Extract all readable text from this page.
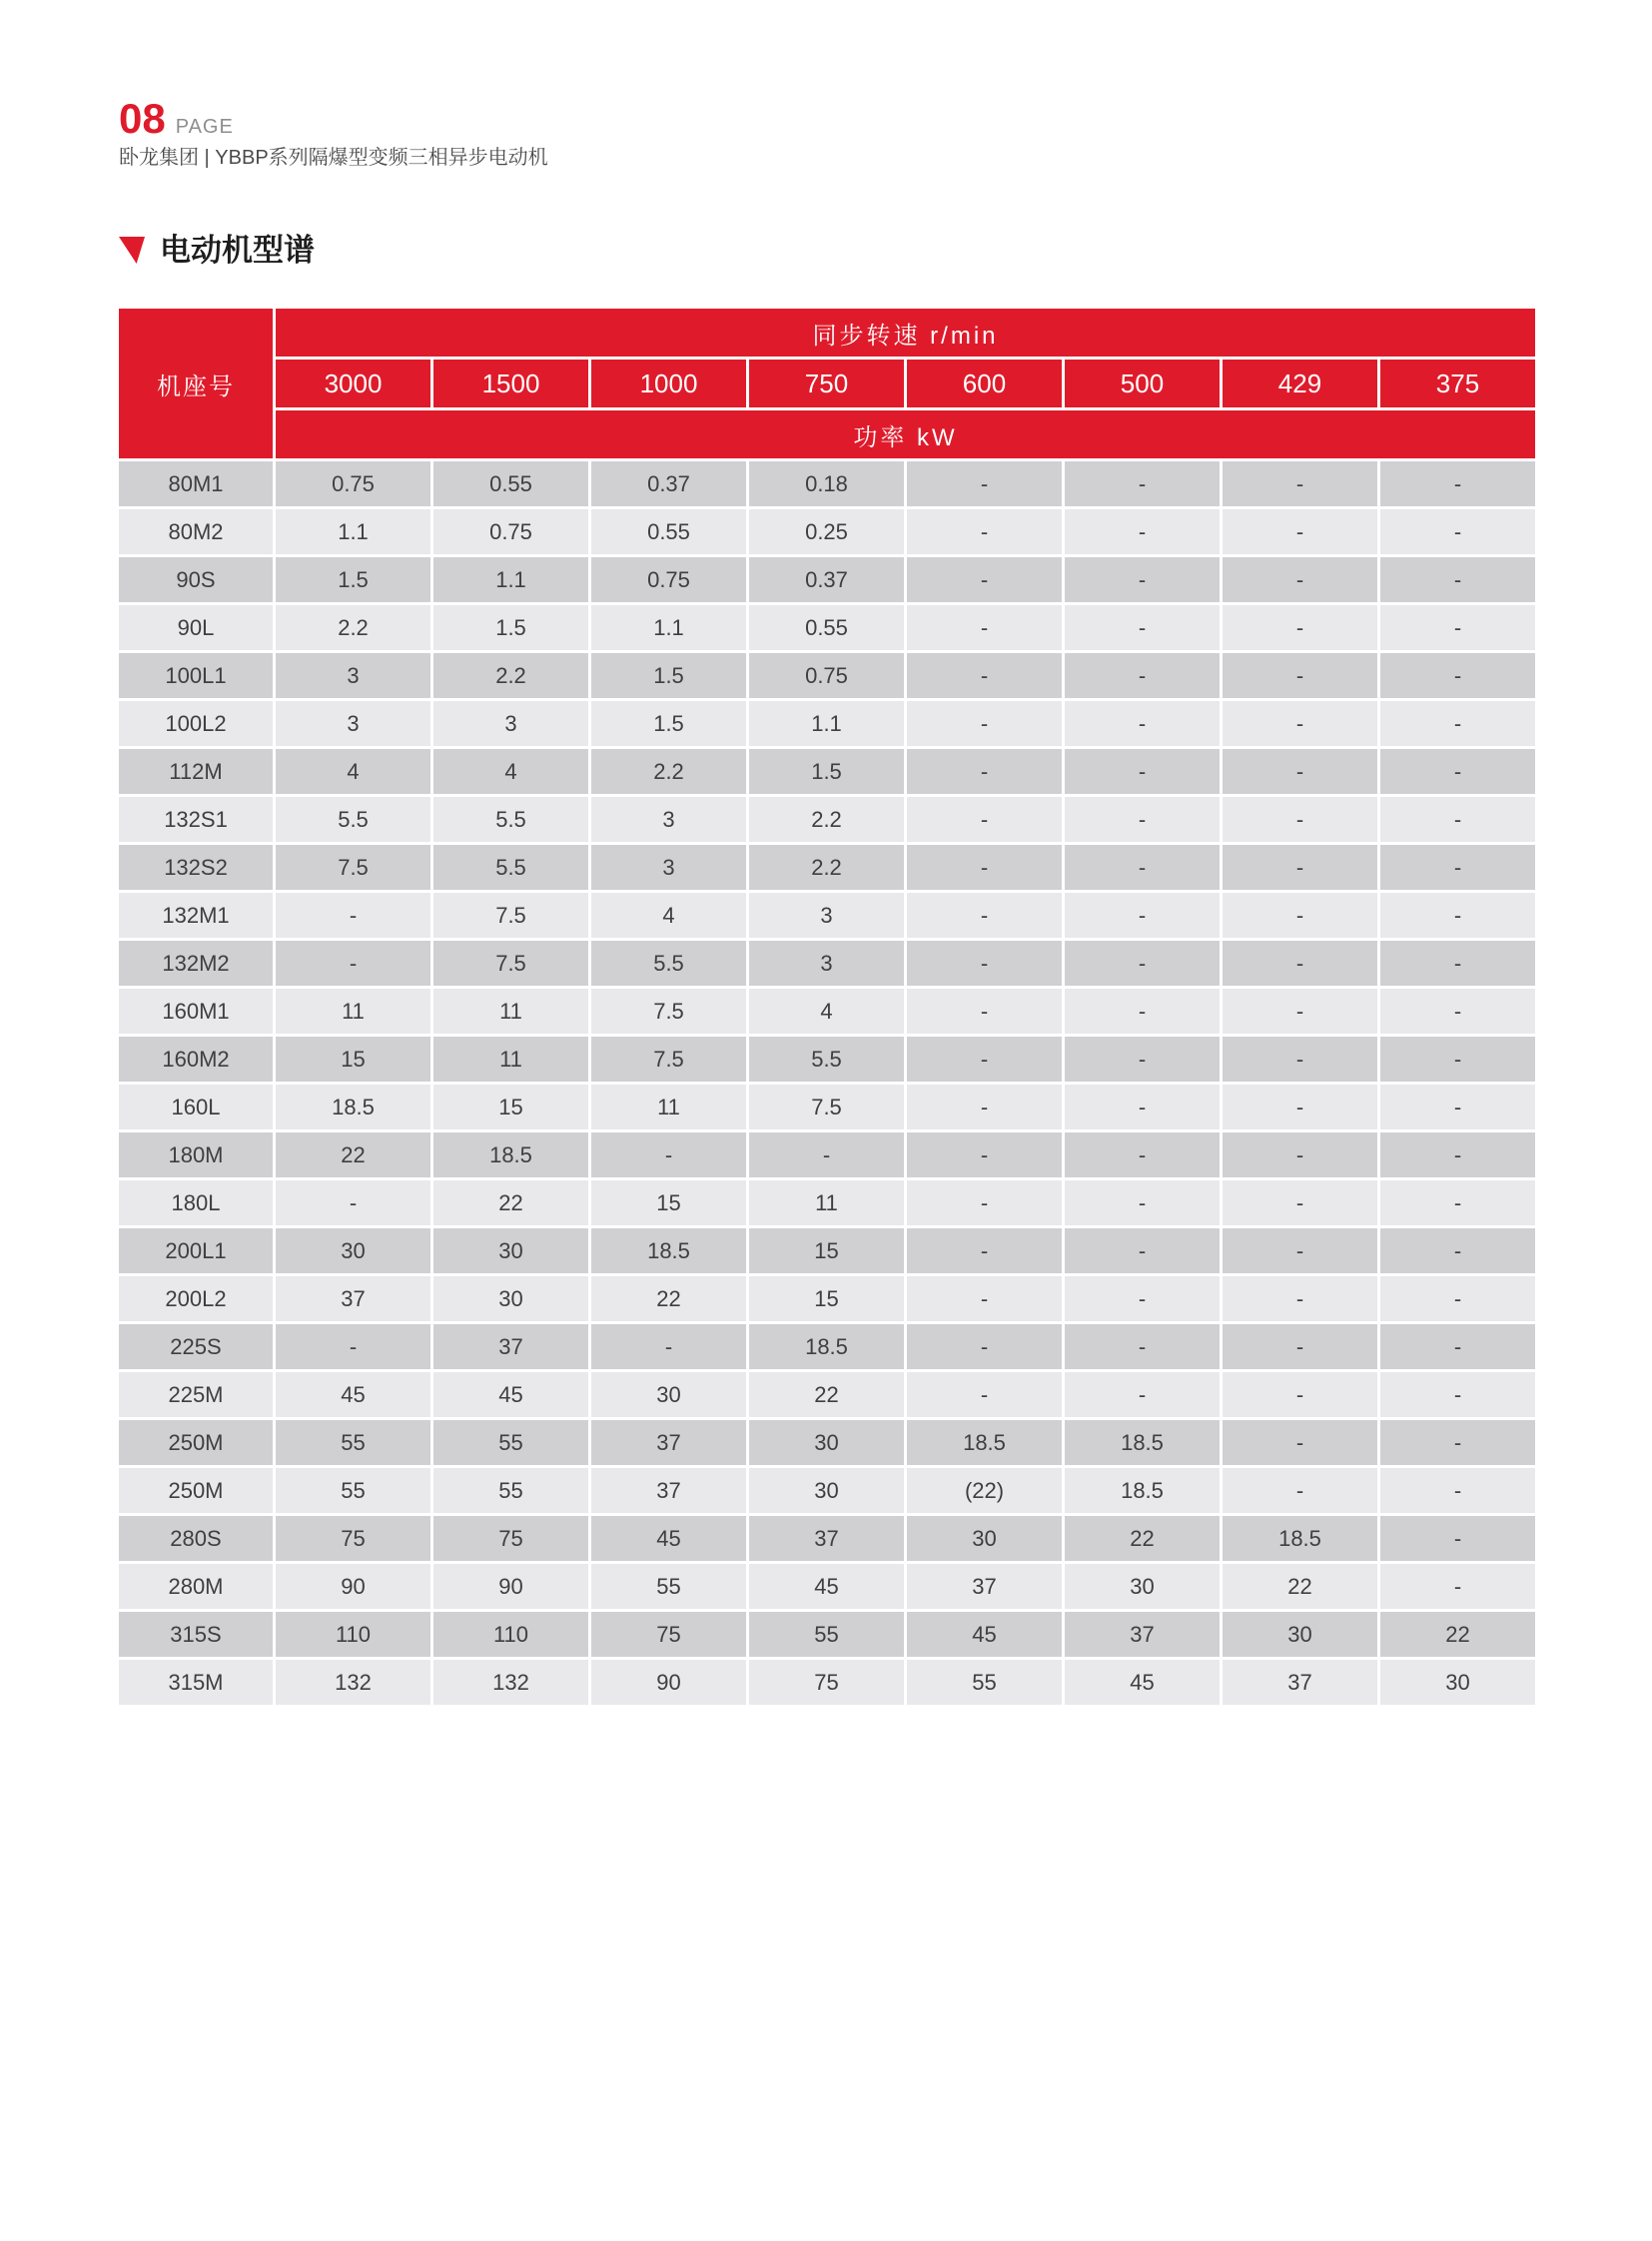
08 PAGE
卧龙集团 | YBBP系列隔爆型变频三相异步电动机
电动机型谱
机座号
同步转速 r/min
3000	1500	1000	750	600	500	429	375
功率 kW
80M1	0.75	0.55	0.37	0.18	-	-	-	-
80M2	1.1	0.75	0.55	0.25	-	-	-	-
90S	1.5	1.1	0.75	0.37	-	-	-	-
90L	2.2	1.5	1.1	0.55	-	-	-	-
100L1	3	2.2	1.5	0.75	-	-	-	-
100L2	3	3	1.5	1.1	-	-	-	-
112M	4	4	2.2	1.5	-	-	-	-
132S1	5.5	5.5	3	2.2	-	-	-	-
132S2	7.5	5.5	3	2.2	-	-	-	-
132M1	-	7.5	4	3	-	-	-	-
132M2	-	7.5	5.5	3	-	-	-	-
160M1	11	11	7.5	4	-	-	-	-
160M2	15	11	7.5	5.5	-	-	-	-
160L	18.5	15	11	7.5	-	-	-	-
180M	22	18.5	-	-	-	-	-	-
180L	-	22	15	11	-	-	-	-
200L1	30	30	18.5	15	-	-	-	-
200L2	37	30	22	15	-	-	-	-
225S	-	37	-	18.5	-	-	-	-
225M	45	45	30	22	-	-	-	-
250M	55	55	37	30	18.5	18.5	-	-
250M	55	55	37	30	(22)	18.5	-	-
280S	75	75	45	37	30	22	18.5	-
280M	90	90	55	45	37	30	22	-
315S	110	110	75	55	45	37	30	22
315M	132	132	90	75	55	45	37	30
